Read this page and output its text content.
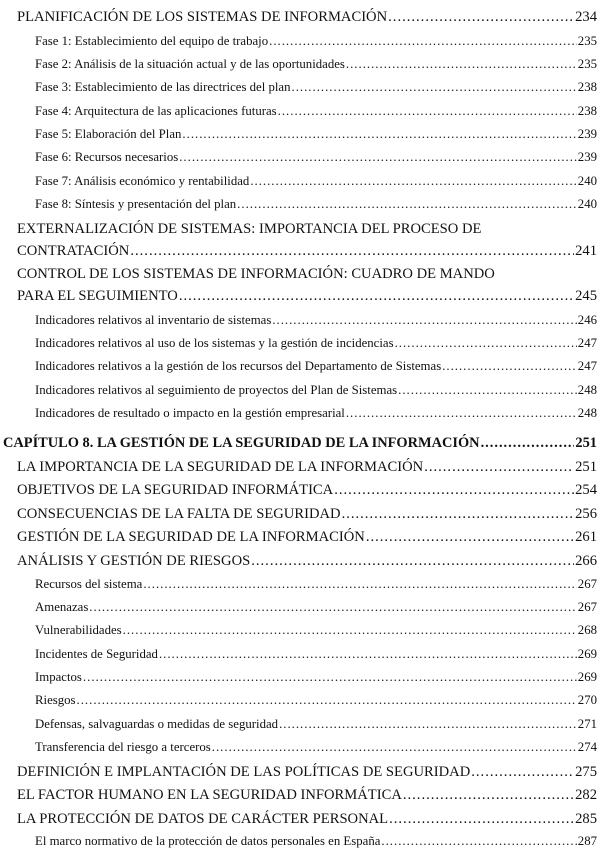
PLANIFICACIÓN DE LOS SISTEMAS DE INFORMACIÓN .....	234
Fase 1: Establecimiento del equipo de trabajo .....	235
Fase 2: Análisis de la situación actual y de las oportunidades .....	235
Fase 3: Establecimiento de las directrices del plan .....	238
Fase 4: Arquitectura de las aplicaciones futuras .....	238
Fase 5: Elaboración del Plan .....	239
Fase 6: Recursos necesarios .....	239
Fase 7: Análisis económico y rentabilidad .....	240
Fase 8: Síntesis y presentación del plan .....	240
EXTERNALIZACIÓN DE SISTEMAS: IMPORTANCIA DEL PROCESO DE
CONTRATACIÓN .....	241
CONTROL DE LOS SISTEMAS DE INFORMACIÓN: CUADRO DE MANDO
PARA EL SEGUIMIENTO .....	245
Indicadores relativos al inventario de sistemas .....	246
Indicadores relativos al uso de los sistemas y la gestión de incidencias .....	247
Indicadores relativos a la gestión de los recursos del Departamento de Sistemas .....	247
Indicadores relativos al seguimiento de proyectos del Plan de Sistemas .....	248
Indicadores de resultado o impacto en la gestión empresarial .....	248
CAPÍTULO 8. LA GESTIÓN DE LA SEGURIDAD DE LA INFORMACIÓN .....	251
LA IMPORTANCIA DE LA SEGURIDAD DE LA INFORMACIÓN .....	251
OBJETIVOS DE LA SEGURIDAD INFORMÁTICA .....	254
CONSECUENCIAS DE LA FALTA DE SEGURIDAD .....	256
GESTIÓN DE LA SEGURIDAD DE LA INFORMACIÓN .....	261
ANÁLISIS Y GESTIÓN DE RIESGOS .....	266
Recursos del sistema .....	267
Amenazas .....	267
Vulnerabilidades .....	268
Incidentes de Seguridad .....	269
Impactos .....	269
Riesgos .....	270
Defensas, salvaguardas o medidas de seguridad .....	271
Transferencia del riesgo a terceros .....	274
DEFINICIÓN E IMPLANTACIÓN DE LAS POLÍTICAS DE SEGURIDAD .....	275
EL FACTOR HUMANO EN LA SEGURIDAD INFORMÁTICA .....	282
LA PROTECCIÓN DE DATOS DE CARÁCTER PERSONAL .....	285
El marco normativo de la protección de datos personales en España .....	287
